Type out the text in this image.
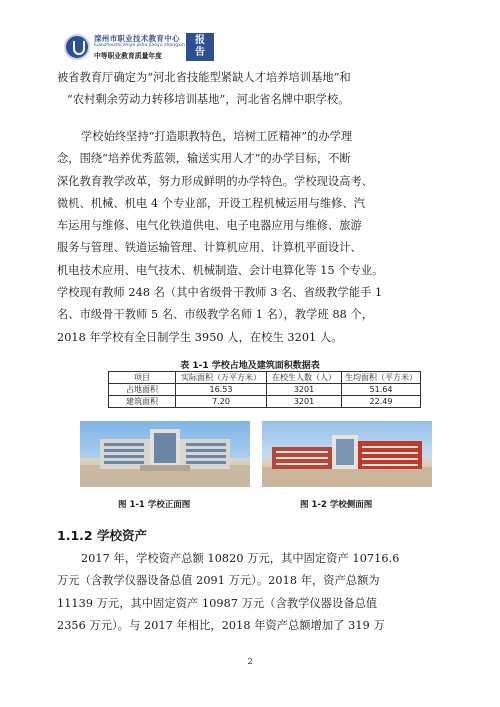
滦州市职业技术教育中心
luanzhoushi zhiye jishu jiaoyu zhongxin
中等职业教育质量年度
报
告
被省教育厅确定为“河北省技能型紧缺人才培养培训基地”和
“农村剩余劳动力转移培训基地”，河北省名牌中职学校。
学校始终坚持“打造职教特色，培树工匠精神”的办学理
念，围绕“培养优秀蓝领，输送实用人才”的办学目标，不断
深化教育教学改革，努力形成鲜明的办学特色。学校现设高考、
微机、机械、机电 4 个专业部，开设工程机械运用与维修、汽
车运用与维修、电气化铁道供电、电子电器应用与维修、旅游
服务与管理、铁道运输管理、计算机应用、计算机平面设计、
机电技术应用、电气技术、机械制造、会计电算化等 15 个专业。
学校现有教师 248 名（其中省级骨干教师 3 名、省级教学能手 1
名、市级骨干教师 5 名、市级教学名师 1 名），教学班 88 个，
2018 年学校有全日制学生 3950 人，在校生 3201 人。
表 1-1 学校占地及建筑面积数据表
项目	实际面积（万平方米）	在校生人数（人）	生均面积（平方米）
占地面积	16.53	3201	51.64
建筑面积	7.20	3201	22.49
图 1-1 学校正面图	图 1-2 学校侧面图
1.1.2 学校资产
2017 年，学校资产总额 10820 万元，其中固定资产 10716.6
万元（含教学仪器设备总值 2091 万元）。2018 年，资产总额为
11139 万元，其中固定资产 10987 万元（含教学仪器设备总值
2356 万元）。与 2017 年相比，2018 年资产总额增加了 319 万
2
